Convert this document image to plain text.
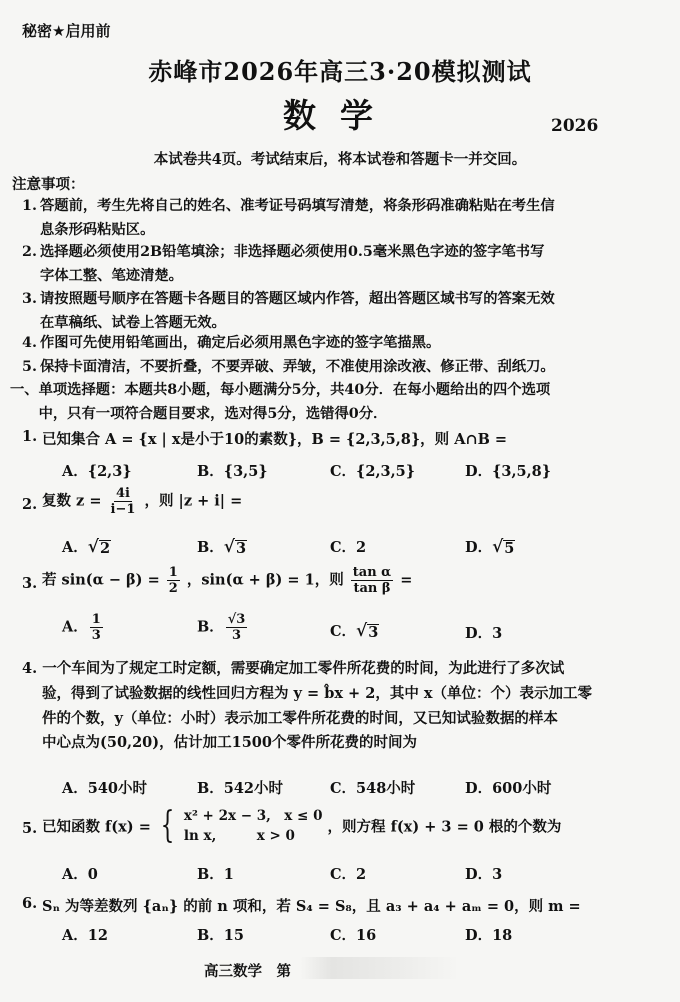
秘密★启用前
赤峰市2026年高三3·20模拟测试
数学	2026
本试卷共4页。考试结束后，将本试卷和答题卡一并交回。
注意事项：
1. 答题前，考生先将自己的姓名、准考证号码填写清楚，将条形码准确粘贴在考生信
息条形码粘贴区。
2. 选择题必须使用2B铅笔填涂；非选择题必须使用0.5毫米黑色字迹的签字笔书写
字体工整、笔迹清楚。
3. 请按照题号顺序在答题卡各题目的答题区域内作答，超出答题区域书写的答案无效
在草稿纸、试卷上答题无效。
4. 作图可先使用铅笔画出，确定后必须用黑色字迹的签字笔描黑。
5. 保持卡面清洁，不要折叠，不要弄破、弄皱，不准使用涂改液、修正带、刮纸刀。
一、单项选择题：本题共8小题，每小题满分5分，共40分．在每小题给出的四个选项
　　中，只有一项符合题目要求，选对得5分，选错得0分．
1. 已知集合 A = {x | x是小于10的素数}，B = {2,3,5,8}，则 A∩B =
A．{2,3}	B．{3,5}	C．{2,3,5}	D．{3,5,8}
2. 复数 $z = \frac{4i}{i-1}$ ，则 |z + i| =
A． √ 2	B． √ 3	C．2	D． √ 5
3. 若 $\sin(\alpha - \beta) = \frac{1}{2}$ ，sin(α + β) = 1，则 $\frac{\text{tan α}}{\text{tan β}}$ =
A． $\frac{1}{3}$	B． $\frac{√3}{3}$	C． √ 3	D．3
4. 一个车间为了规定工时定额，需要确定加工零件所花费的时间，为此进行了多次试
验，得到了试验数据的线性回归方程为 y = b̂x + 2，其中 x（单位：个）表示加工零
件的个数，y（单位：小时）表示加工零件所花费的时间，又已知试验数据的样本
中心点为(50,20)，估计加工1500个零件所花费的时间为
A．540小时	B．542小时	C．548小时	D．600小时
5. 已知函数 f(x) = { x² + 2x − 3,　x ≤ 0
ln x,　　　x > 0
，则方程 f(x) + 3 = 0 根的个数为
A．0	B．1	C．2	D．3
6. Sₙ 为等差数列 {aₙ} 的前 n 项和，若 S₄ = S₈，且 a₃ + a₄ + aₘ = 0，则 m =
A．12	B．15	C．16	D．18
高三数学　第
